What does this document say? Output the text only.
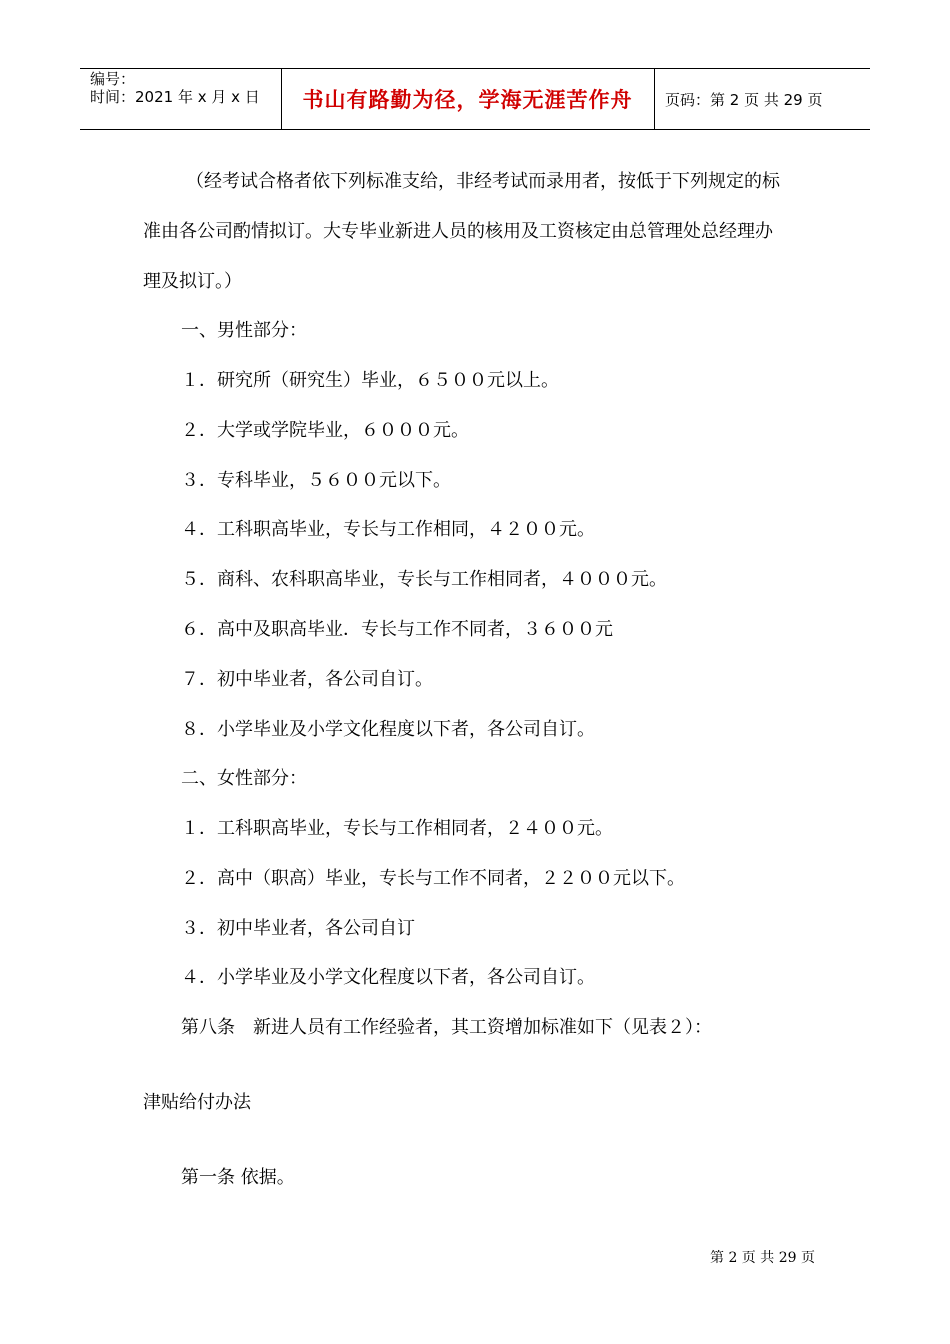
编号：
时间：2021 年 x 月 x 日	书山有路勤为径，学海无涯苦作舟	页码：第 2 页 共 29 页
（经考试合格者依下列标准支给，非经考试而录用者，按低于下列规定的标
准由各公司酌情拟订。大专毕业新进人员的核用及工资核定由总管理处总经理办
理及拟订。）
一、男性部分：
１．研究所（研究生）毕业，６５００元以上。
２．大学或学院毕业，６０００元。
３．专科毕业，５６００元以下。
４．工科职高毕业，专长与工作相同，４２００元。
５．商科、农科职高毕业，专长与工作相同者，４０００元。
６．高中及职高毕业．专长与工作不同者，３６００元
７．初中毕业者，各公司自订。
８．小学毕业及小学文化程度以下者，各公司自订。
二、女性部分：
１．工科职高毕业，专长与工作相同者，２４００元。
２．高中（职高）毕业，专长与工作不同者，２２００元以下。
３．初中毕业者，各公司自订
４．小学毕业及小学文化程度以下者，各公司自订。
第八条　新进人员有工作经验者，其工资增加标准如下（见表２）：
津贴给付办法
第一条 依据。
第 2 页 共 29 页
